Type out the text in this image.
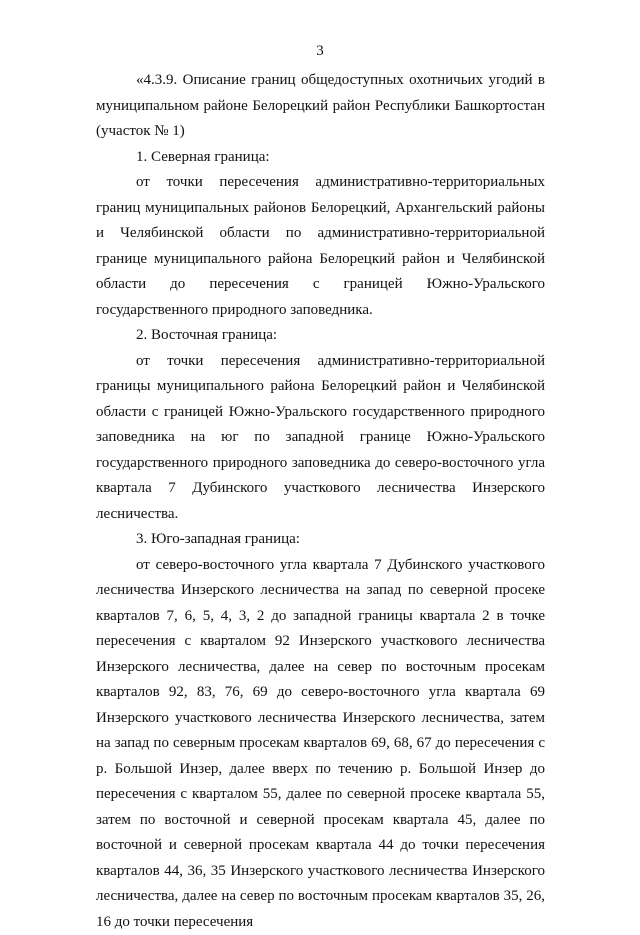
3

«4.3.9. Описание границ общедоступных охотничьих угодий в муниципальном районе Белорецкий район Республики Башкортостан (участок № 1)

1. Северная граница:

от точки пересечения административно-территориальных границ муниципальных районов Белорецкий, Архангельский районы и Челябинской области по административно-территориальной границе муниципального района Белорецкий район и Челябинской области до пересечения с границей Южно-Уральского государственного природного заповедника.

2. Восточная граница:

от точки пересечения административно-территориальной границы муниципального района Белорецкий район и Челябинской области с границей Южно-Уральского государственного природного заповедника на юг по западной границе Южно-Уральского государственного природного заповедника до северо-восточного угла квартала 7 Дубинского участкового лесничества Инзерского лесничества.

3. Юго-западная граница:

от северо-восточного угла квартала 7 Дубинского участкового лесничества Инзерского лесничества на запад по северной просеке кварталов 7, 6, 5, 4, 3, 2 до западной границы квартала 2 в точке пересечения с кварталом 92 Инзерского участкового лесничества Инзерского лесничества, далее на север по восточным просекам кварталов 92, 83, 76, 69 до северо-восточного угла квартала 69 Инзерского участкового лесничества Инзерского лесничества, затем на запад по северным просекам кварталов 69, 68, 67 до пересечения с р. Большой Инзер, далее вверх по течению р. Большой Инзер до пересечения с кварталом 55, далее по северной просеке квартала 55, затем по восточной и северной просекам квартала 45, далее по восточной и северной просекам квартала 44 до точки пересечения кварталов 44, 36, 35 Инзерского участкового лесничества Инзерского лесничества, далее на север по восточным просекам кварталов 35, 26, 16 до точки пересечения
